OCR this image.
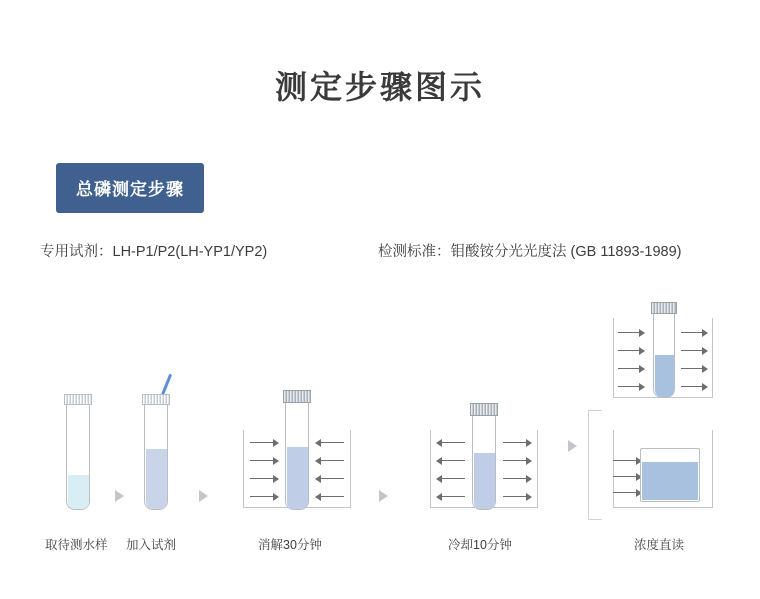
测定步骤图示
总磷测定步骤
专用试剂：LH-P1/P2(LH-YP1/YP2)	检测标准：钼酸铵分光光度法 (GB 11893-1989)
取待测水样 加入试剂	消解30分钟	冷却10分钟	浓度直读
